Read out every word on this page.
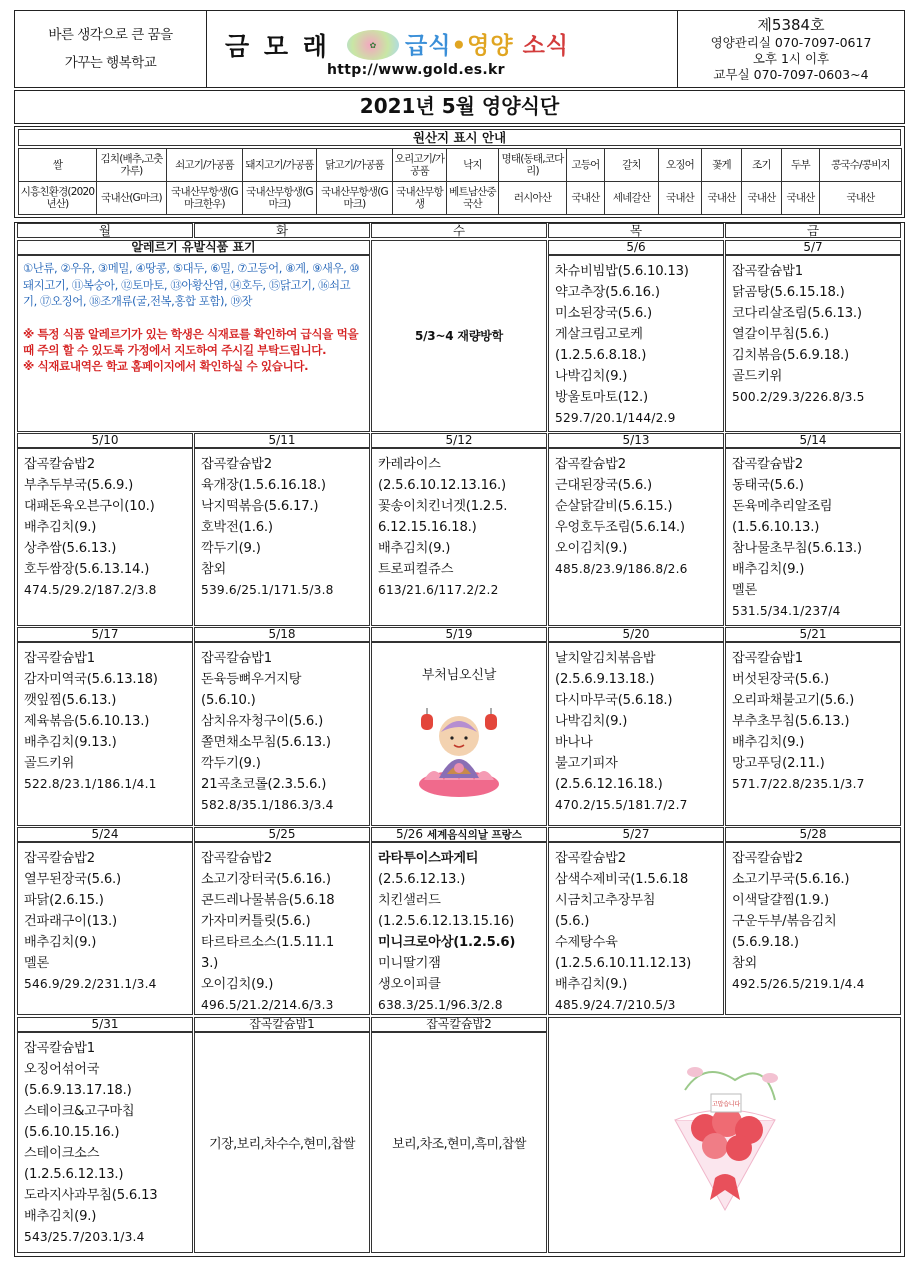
바른 생각으로 큰 꿈을
가꾸는 행복학교
금 모 래	✿	급식•영양 소식
http://www.gold.es.kr
제5384호
영양관리실 070-7097-0617
오후 1시 이후
교무실 070-7097-0603~4
2021년 5월 영양식단
원산지 표시 안내
쌀	김치(배추,고춧가루)	쇠고기/가공품	돼지고기/가공품	닭고기/가공품	오리고기/가공품	낙지	명태(동태,코다리)	고등어	갈치	오징어	꽃게	조기	두부	콩국수/콩비지
시흥친환경(2020년산)	국내산(G마크)	국내산무항생(G마크한우)	국내산무항생(G마크)	국내산무항생(G마크)	국내산무항생	베트남산중국산	러시아산	국내산	세네갈산	국내산	국내산	국내산	국내산	국내산
월	화	수	목	금
알레르기 유발식품 표기
①난류, ②우유, ③메밀, ④땅콩, ⑤대두, ⑥밀, ⑦고등어, ⑧게, ⑨새우, ⑩돼지고기, ⑪복숭아, ⑫토마토, ⑬아황산염, ⑭호두, ⑮닭고기, ⑯쇠고기, ⑰오징어, ⑱조개류(굴,전복,홍합 포함), ⑲잣
※ 특정 식품 알레르기가 있는 학생은 식재료를 확인하여 급식을 먹을 때 주의 할 수 있도록 가정에서 지도하여 주시길 부탁드립니다.
※ 식재료내역은 학교 홈페이지에서 확인하실 수 있습니다.
5/3~4 재량방학
5/6
차슈비빔밥(5.6.10.13)
약고추장(5.6.16.)
미소된장국(5.6.)
게살크림고로케
(1.2.5.6.8.18.)
나박김치(9.)
방울토마토(12.)
529.7/20.1/144/2.9
5/7
잡곡칼슘밥1
닭곰탕(5.6.15.18.)
코다리살조림(5.6.13.)
열갈이무침(5.6.)
김치볶음(5.6.9.18.)
골드키위
500.2/29.3/226.8/3.5
5/10
잡곡칼슘밥2
부추두부국(5.6.9.)
대패돈육오븐구이(10.)
배추김치(9.)
상추쌈(5.6.13.)
호두쌈장(5.6.13.14.)
474.5/29.2/187.2/3.8
5/11
잡곡칼슘밥2
육개장(1.5.6.16.18.)
낙지떡볶음(5.6.17.)
호박전(1.6.)
깍두기(9.)
참외
539.6/25.1/171.5/3.8
5/12
카레라이스
(2.5.6.10.12.13.16.)
꽃송이치킨너겟(1.2.5.
6.12.15.16.18.)
배추김치(9.)
트로피컬쥬스
613/21.6/117.2/2.2
5/13
잡곡칼슘밥2
근대된장국(5.6.)
순살닭갈비(5.6.15.)
우엉호두조림(5.6.14.)
오이김치(9.)
485.8/23.9/186.8/2.6
5/14
잡곡칼슘밥2
동태국(5.6.)
돈육메추리알조림
(1.5.6.10.13.)
참나물초무침(5.6.13.)
배추김치(9.)
멜론
531.5/34.1/237/4
5/17
잡곡칼슘밥1
감자미역국(5.6.13.18)
깻잎찜(5.6.13.)
제육볶음(5.6.10.13.)
배추김치(9.13.)
골드키위
522.8/23.1/186.1/4.1
5/18
잡곡칼슘밥1
돈육등뼈우거지탕
(5.6.10.)
삼치유자청구이(5.6.)
쫄면채소무침(5.6.13.)
깍두기(9.)
21곡초코롤(2.3.5.6.)
582.8/35.1/186.3/3.4
5/19
부처님오신날
5/20
날치알김치볶음밥
(2.5.6.9.13.18.)
다시마무국(5.6.18.)
나박김치(9.)
바나나
불고기피자
(2.5.6.12.16.18.)
470.2/15.5/181.7/2.7
5/21
잡곡칼슘밥1
버섯된장국(5.6.)
오리파채불고기(5.6.)
부추초무침(5.6.13.)
배추김치(9.)
망고푸딩(2.11.)
571.7/22.8/235.1/3.7
5/24
잡곡칼슘밥2
열무된장국(5.6.)
파닭(2.6.15.)
건파래구이(13.)
배추김치(9.)
멜론
546.9/29.2/231.1/3.4
5/25
잡곡칼슘밥2
소고기장터국(5.6.16.)
콘드레나물볶음(5.6.18
가자미커틀릿(5.6.)
타르타르소스(1.5.11.1
3.)
오이김치(9.)
496.5/21.2/214.6/3.3
5/26 세계음식의날 프랑스
라타투이스파게티
(2.5.6.12.13.)
치킨샐러드
(1.2.5.6.12.13.15.16)
미니크로아상(1.2.5.6)
미니딸기잼
생오이피클
638.3/25.1/96.3/2.8
5/27
잡곡칼슘밥2
삼색수제비국(1.5.6.18
시금치고추장무침
(5.6.)
수제탕수육
(1.2.5.6.10.11.12.13)
배추김치(9.)
485.9/24.7/210.5/3
5/28
잡곡칼슘밥2
소고기무국(5.6.16.)
이색달걀찜(1.9.)
구운두부/볶음김치
(5.6.9.18.)
참외
492.5/26.5/219.1/4.4
5/31
잡곡칼슘밥1
오징어섞어국
(5.6.9.13.17.18.)
스테이크&고구마칩
(5.6.10.15.16.)
스테이크소스
(1.2.5.6.12.13.)
도라지사과무침(5.6.13
배추김치(9.)
543/25.7/203.1/3.4
잡곡칼슘밥1
기장,보리,차수수,현미,찹쌀
잡곡칼슘밥2
보리,차조,현미,흑미,찹쌀
고맙습니다
